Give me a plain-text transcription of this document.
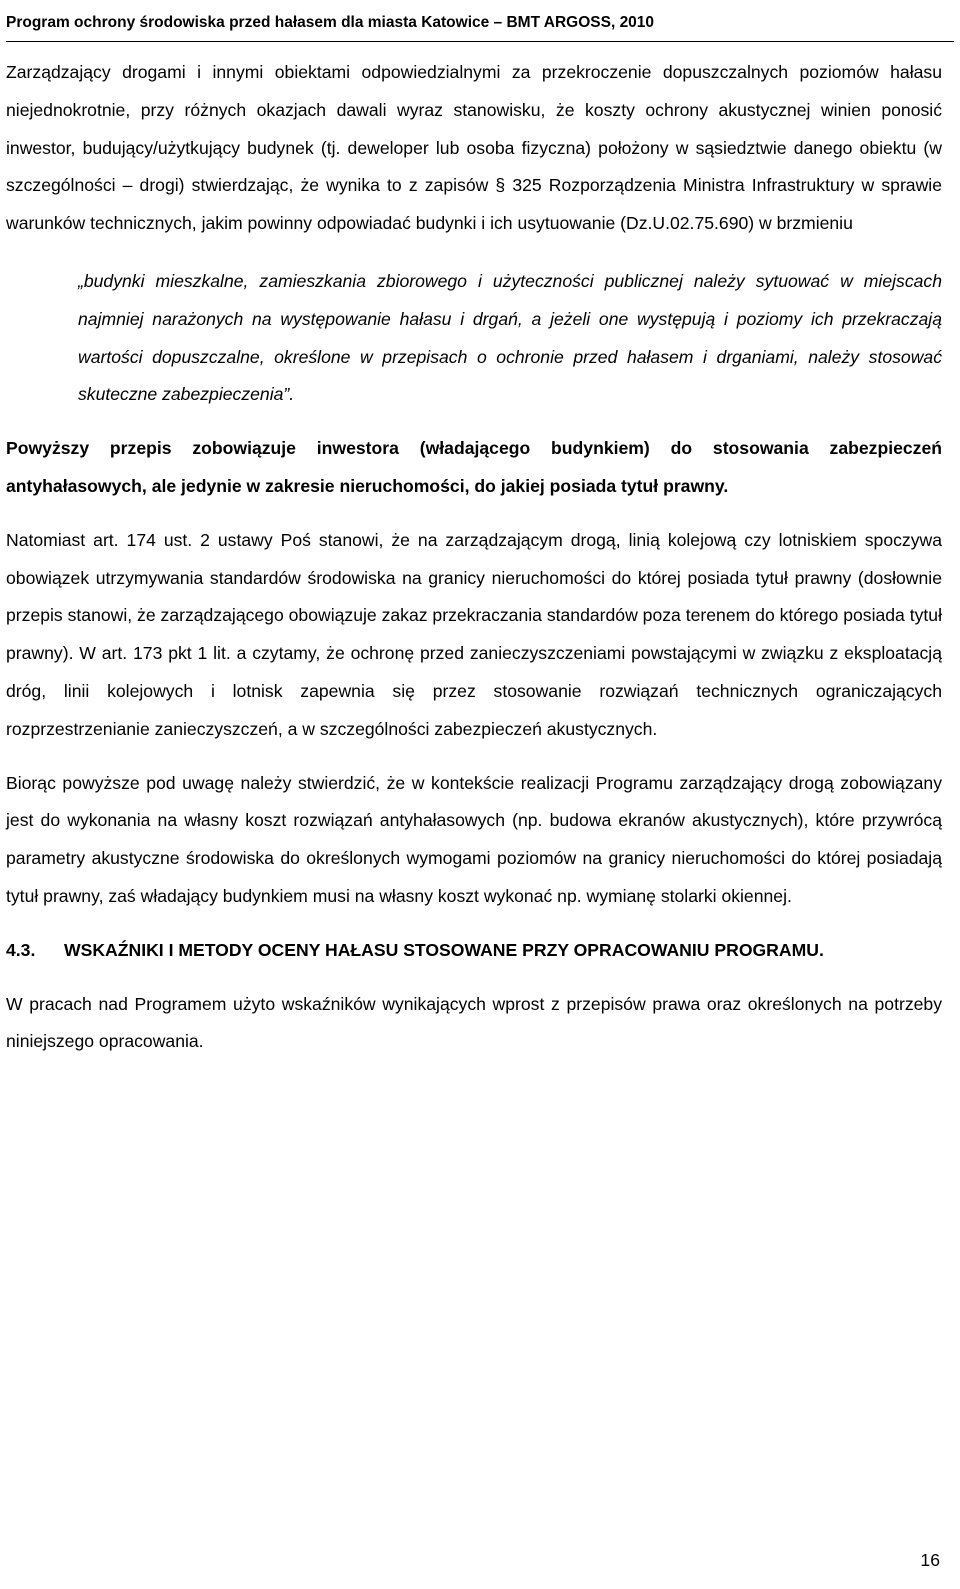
Program ochrony środowiska przed hałasem dla miasta Katowice – BMT ARGOSS, 2010

Zarządzający drogami i innymi obiektami odpowiedzialnymi za przekroczenie dopuszczalnych poziomów hałasu niejednokrotnie, przy różnych okazjach dawali wyraz stanowisku, że koszty ochrony akustycznej winien ponosić inwestor, budujący/użytkujący budynek (tj. deweloper lub osoba fizyczna) położony w sąsiedztwie danego obiektu (w szczególności – drogi) stwierdzając, że wynika to z zapisów § 325 Rozporządzenia Ministra Infrastruktury w sprawie warunków technicznych, jakim powinny odpowiadać budynki i ich usytuowanie (Dz.U.02.75.690) w brzmieniu

„budynki mieszkalne, zamieszkania zbiorowego i użyteczności publicznej należy sytuować w miejscach najmniej narażonych na występowanie hałasu i drgań, a jeżeli one występują i poziomy ich przekraczają wartości dopuszczalne, określone w przepisach o ochronie przed hałasem i drganiami, należy stosować skuteczne zabezpieczenia”.

Powyższy przepis zobowiązuje inwestora (władającego budynkiem) do stosowania zabezpieczeń antyhałasowych, ale jedynie w zakresie nieruchomości, do jakiej posiada tytuł prawny.

Natomiast art. 174 ust. 2 ustawy Poś stanowi, że na zarządzającym drogą, linią kolejową czy lotniskiem spoczywa obowiązek utrzymywania standardów środowiska na granicy nieruchomości do której posiada tytuł prawny (dosłownie przepis stanowi, że zarządzającego obowiązuje zakaz przekraczania standardów poza terenem do którego posiada tytuł prawny). W art. 173 pkt 1 lit. a czytamy, że ochronę przed zanieczyszczeniami powstającymi w związku z eksploatacją dróg, linii kolejowych i lotnisk zapewnia się przez stosowanie rozwiązań technicznych ograniczających rozprzestrzenianie zanieczyszczeń, a w szczególności zabezpieczeń akustycznych.

Biorąc powyższe pod uwagę należy stwierdzić, że w kontekście realizacji Programu zarządzający drogą zobowiązany jest do wykonania na własny koszt rozwiązań antyhałasowych (np. budowa ekranów akustycznych), które przywrócą parametry akustyczne środowiska do określonych wymogami poziomów na granicy nieruchomości do której posiadają tytuł prawny, zaś władający budynkiem musi na własny koszt wykonać np. wymianę stolarki okiennej.

4.3.	WSKAŹNIKI I METODY OCENY HAŁASU STOSOWANE PRZY OPRACOWANIU PROGRAMU.

W pracach nad Programem użyto wskaźników wynikających wprost z przepisów prawa oraz określonych na potrzeby niniejszego opracowania.

16
